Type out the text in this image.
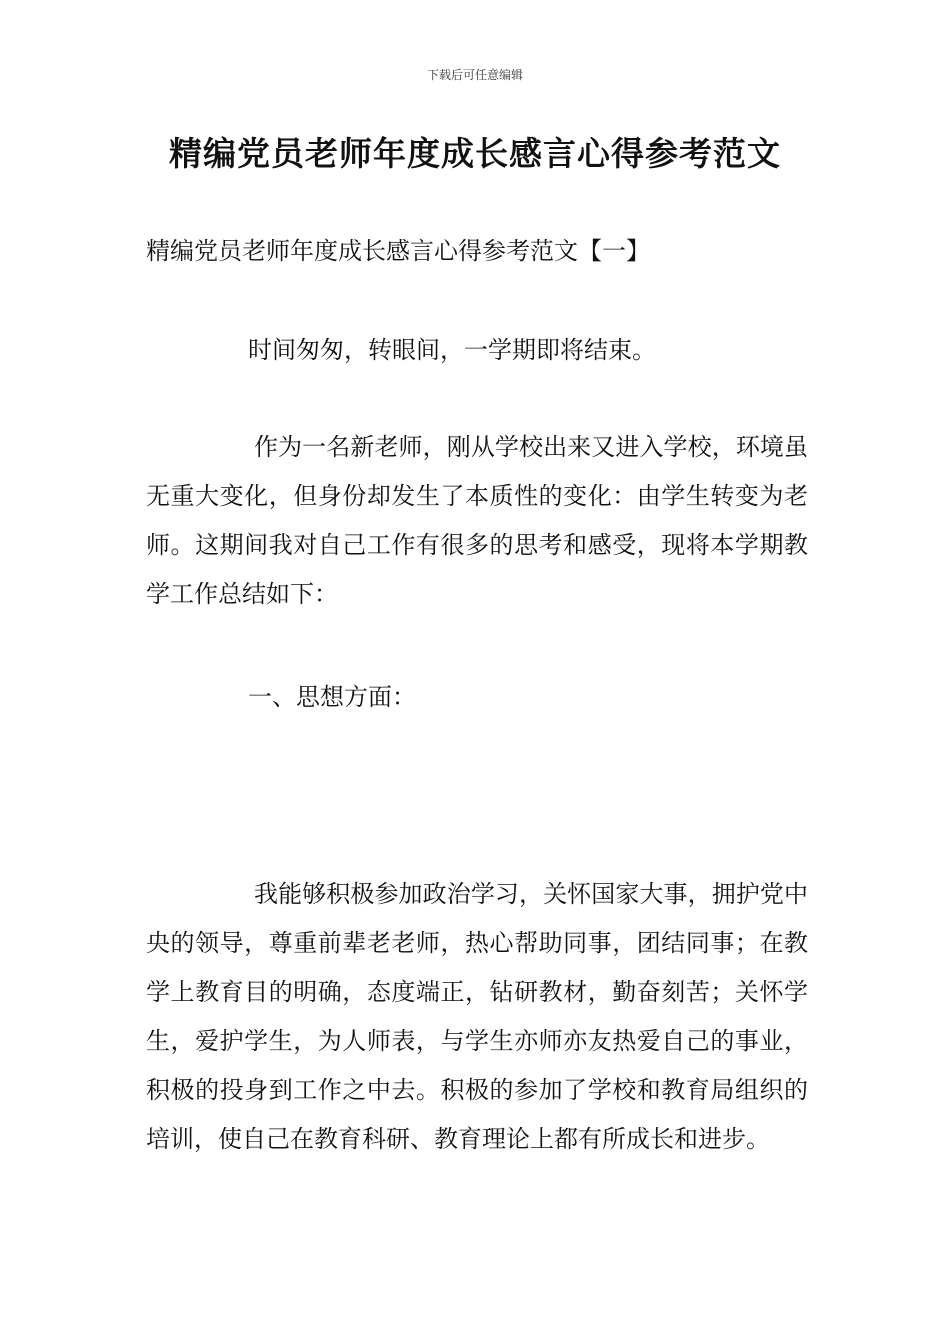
下载后可任意编辑
精编党员老师年度成长感言心得参考范文
精编党员老师年度成长感言心得参考范文【一】

时间匆匆，转眼间，一学期即将结束。

作为一名新老师，刚从学校出来又进入学校，环境虽无重大变化，但身份却发生了本质性的变化：由学生转变为老师。这期间我对自己工作有很多的思考和感受，现将本学期教学工作总结如下：

一、思想方面：

我能够积极参加政治学习，关怀国家大事，拥护党中央的领导，尊重前辈老老师，热心帮助同事，团结同事；在教学上教育目的明确，态度端正，钻研教材，勤奋刻苦；关怀学生，爱护学生，为人师表，与学生亦师亦友热爱自己的事业，积极的投身到工作之中去。积极的参加了学校和教育局组织的培训，使自己在教育科研、教育理论上都有所成长和进步。
